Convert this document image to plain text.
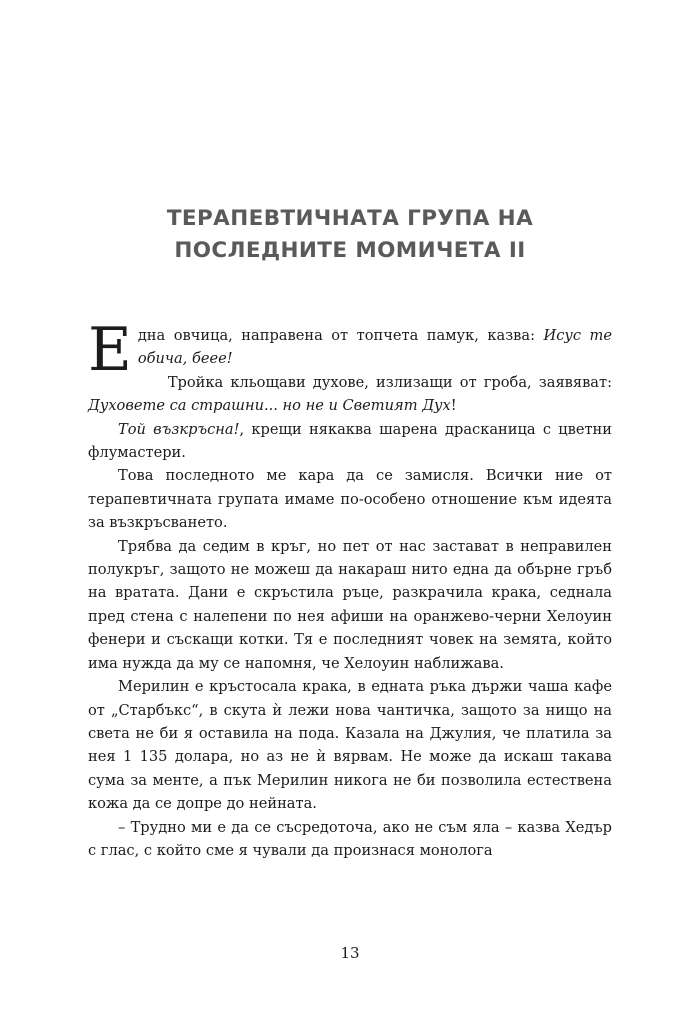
ТЕРАПЕВТИЧНАТА ГРУПА НА
ПОСЛЕДНИТЕ МОМИЧЕТА II

Една овчица, направена от топчета памук, казва: Исус те обича, беее!

Тройка кльощави духове, излизащи от гроба, заявяват: Духовете са страшни... но не и Светият Дух!

Той възкръсна!, крещи някаква шарена драсканица с цветни флумастери.

Това последното ме кара да се замисля. Всички ние от терапевтичната групата имаме по-особено отношение към идеята за възкръсването.

Трябва да седим в кръг, но пет от нас застават в неправилен полукръг, защото не можеш да накараш нито една да обърне гръб на вратата. Дани е скръстила ръце, разкрачила крака, седнала пред стена с налепени по нея афиши на оранжево-черни Хелоуин фенери и съскащи котки. Тя е последният човек на земята, който има нужда да му се напомня, че Хелоуин наближава.

Мерилин е кръстосала крака, в едната ръка държи чаша кафе от „Старбъкс“, в скута ѝ лежи нова чантичка, защото за нищо на света не би я оставила на пода. Казала на Джулия, че платила за нея 1 135 долара, но аз не ѝ вярвам. Не може да искаш такава сума за менте, а пък Мерилин никога не би позволила естествена кожа да се допре до нейната.

– Трудно ми е да се съсредоточа, ако не съм яла – казва Хедър с глас, с който сме я чували да произнася монолога

13
